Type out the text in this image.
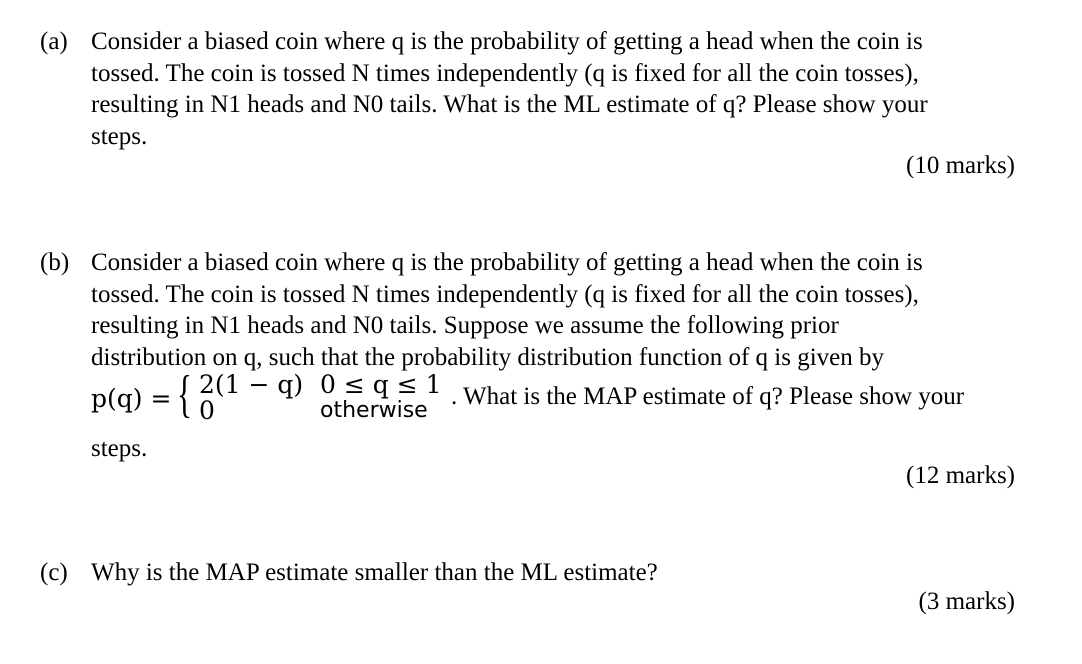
(a) Consider a biased coin where q is the probability of getting a head when the coin is
tossed. The coin is tossed N times independently (q is fixed for all the coin tosses),
resulting in N1 heads and N0 tails. What is the ML estimate of q? Please show your
steps.
(10 marks)
(b) Consider a biased coin where q is the probability of getting a head when the coin is
tossed. The coin is tossed N times independently (q is fixed for all the coin tosses),
resulting in N1 heads and N0 tails. Suppose we assume the following prior
distribution on q, such that the probability distribution function of q is given by
p(q) = { 2(1 − q)
0
0 ≤ q ≤ 1
otherwise
. What is the MAP estimate of q? Please show your
steps.
(12 marks)
(c) Why is the MAP estimate smaller than the ML estimate?
(3 marks)
